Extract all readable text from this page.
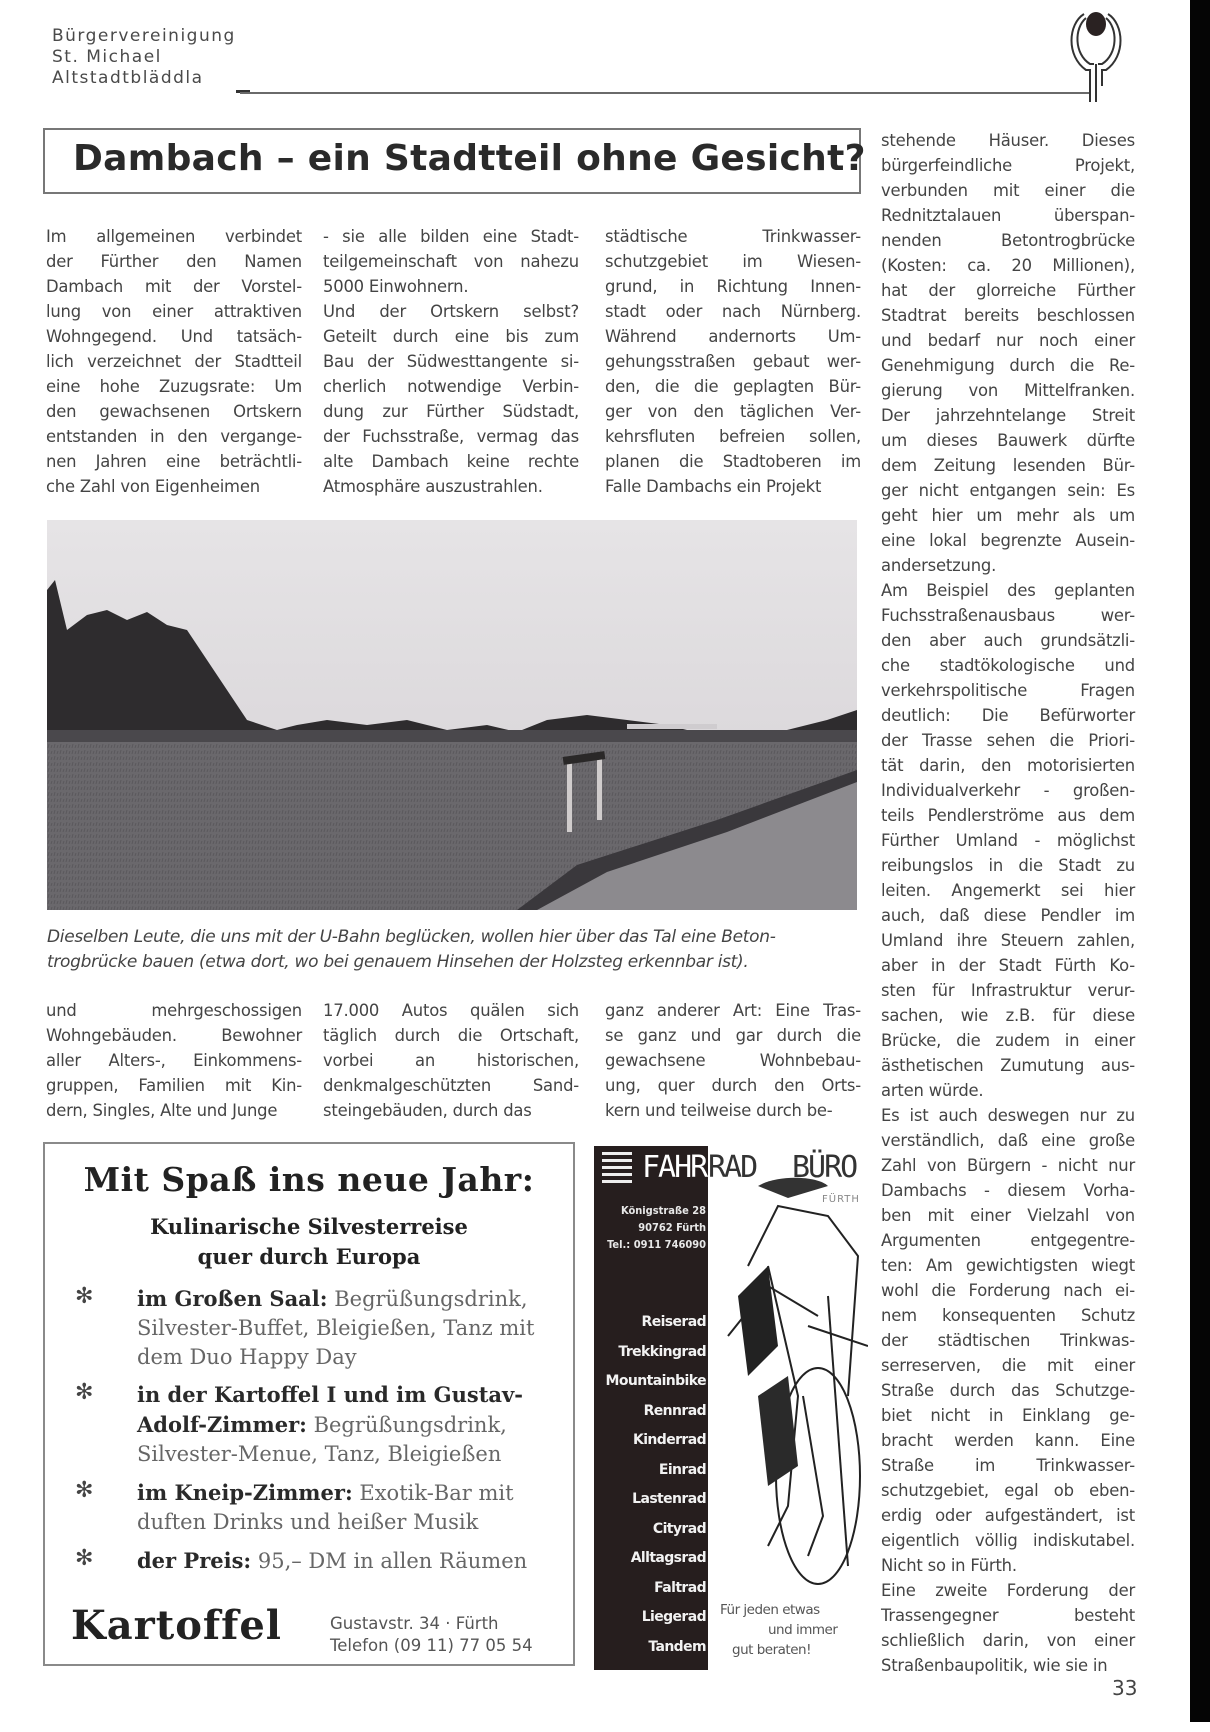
Bürgervereinigung
St. Michael
Altstadtbläddla
Dambach – ein Stadtteil ohne Gesicht?
Im allgemeinen verbindet
der Fürther den Namen
Dambach mit der Vorstel-
lung von einer attraktiven
Wohngegend. Und tatsäch-
lich verzeichnet der Stadtteil
eine hohe Zuzugsrate: Um
den gewachsenen Ortskern
entstanden in den vergange-
nen Jahren eine beträchtli-
che Zahl von Eigenheimen
- sie alle bilden eine Stadt-
teilgemeinschaft von nahezu
5000 Einwohnern.
Und der Ortskern selbst?
Geteilt durch eine bis zum
Bau der Südwesttangente si-
cherlich notwendige Verbin-
dung zur Fürther Südstadt,
der Fuchsstraße, vermag das
alte Dambach keine rechte
Atmosphäre auszustrahlen.
städtische Trinkwasser-
schutzgebiet im Wiesen-
grund, in Richtung Innen-
stadt oder nach Nürnberg.
Während andernorts Um-
gehungsstraßen gebaut wer-
den, die die geplagten Bür-
ger von den täglichen Ver-
kehrsfluten befreien sollen,
planen die Stadtoberen im
Falle Dambachs ein Projekt
stehende Häuser. Dieses
bürgerfeindliche Projekt,
verbunden mit einer die
Rednitztalauen überspan-
nenden Betontrogbrücke
(Kosten: ca. 20 Millionen),
hat der glorreiche Fürther
Stadtrat bereits beschlossen
und bedarf nur noch einer
Genehmigung durch die Re-
gierung von Mittelfranken.
Der jahrzehntelange Streit
um dieses Bauwerk dürfte
dem Zeitung lesenden Bür-
ger nicht entgangen sein: Es
geht hier um mehr als um
eine lokal begrenzte Ausein-
andersetzung.
Am Beispiel des geplanten
Fuchsstraßenausbaus wer-
den aber auch grundsätzli-
che stadtökologische und
verkehrspolitische Fragen
deutlich: Die Befürworter
der Trasse sehen die Priori-
tät darin, den motorisierten
Individualverkehr - großen-
teils Pendlerströme aus dem
Fürther Umland - möglichst
reibungslos in die Stadt zu
leiten. Angemerkt sei hier
auch, daß diese Pendler im
Umland ihre Steuern zahlen,
aber in der Stadt Fürth Ko-
sten für Infrastruktur verur-
sachen, wie z.B. für diese
Brücke, die zudem in einer
ästhetischen Zumutung aus-
arten würde.
Es ist auch deswegen nur zu
verständlich, daß eine große
Zahl von Bürgern - nicht nur
Dambachs - diesem Vorha-
ben mit einer Vielzahl von
Argumenten entgegentre-
ten: Am gewichtigsten wiegt
wohl die Forderung nach ei-
nem konsequenten Schutz
der städtischen Trinkwas-
serreserven, die mit einer
Straße durch das Schutzge-
biet nicht in Einklang ge-
bracht werden kann. Eine
Straße im Trinkwasser-
schutzgebiet, egal ob eben-
erdig oder aufgeständert, ist
eigentlich völlig indiskutabel.
Nicht so in Fürth.
Eine zweite Forderung der
Trassengegner besteht
schließlich darin, von einer
Straßenbaupolitik, wie sie in
Dieselben Leute, die uns mit der U-Bahn beglücken, wollen hier über das Tal eine Beton-
trogbrücke bauen (etwa dort, wo bei genauem Hinsehen der Holzsteg erkennbar ist).
und mehrgeschossigen
Wohngebäuden. Bewohner
aller Alters-, Einkommens-
gruppen, Familien mit Kin-
dern, Singles, Alte und Junge
17.000 Autos quälen sich
täglich durch die Ortschaft,
vorbei an historischen,
denkmalgeschützten Sand-
steingebäuden, durch das
ganz anderer Art: Eine Tras-
se ganz und gar durch die
gewachsene Wohnbebau-
ung, quer durch den Orts-
kern und teilweise durch be-
Mit Spaß ins neue Jahr:
Kulinarische Silvesterreise
quer durch Europa
✻ im Großen Saal: Begrüßungsdrink, Silvester-Buffet, Bleigießen, Tanz mit dem Duo Happy Day
✻ in der Kartoffel I und im Gustav-Adolf-Zimmer: Begrüßungsdrink, Silvester-Menue, Tanz, Bleigießen
✻ im Kneip-Zimmer: Exotik-Bar mit duften Drinks und heißer Musik
✻ der Preis: 95,– DM in allen Räumen
Kartoffel	Gustavstr. 34 · Fürth
Telefon (09 11) 77 05 54
FAHR RAD BÜRO
FÜRTH
Königstraße 28
90762 Fürth
Tel.: 0911 746090
Reiserad
Trekkingrad
Mountainbike
Rennrad
Kinderrad
Einrad
Lastenrad
Cityrad
Alltagsrad
Faltrad
Liegerad
Tandem
Für jeden etwas
und immer
gut beraten!
33
